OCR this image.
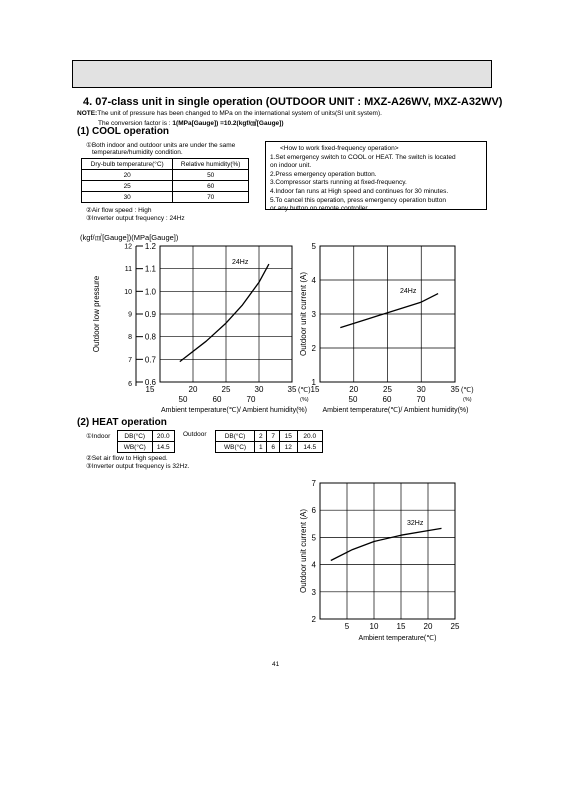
4. 07-class unit in single operation (OUTDOOR UNIT : MXZ-A26WV, MXZ-A32WV)
NOTE:The unit of pressure has been changed to MPa on the international system of units(SI unit system).
The conversion factor is : 1(MPa[Gauge]) =10.2(kgf/㎠[Gauge])
(1) COOL operation
①Both indoor and outdoor units are under the same
temperature/humidity condition.
Dry-bulb temperature(°C)	Relative humidity(%)
20	50
25	60
30	70
②Air flow speed : High
③Inverter output frequency : 24Hz
<How to work fixed-frequency operation>
1.Set emergency switch to COOL or HEAT. The switch is located
on indoor unit.
2.Press emergency operation button.
3.Compressor starts running at fixed-frequency.
4.Indoor fan runs at High speed and continues for 30 minutes.
5.To cancel this operation, press emergency operation button
or any button on remote controller.
(2) HEAT operation
①Indoor DB(°C)	20.0
WB(°C)	14.5
Outdoor	DB(°C)	2	7	15	20.0
WB(°C)	1	6	12	14.5
②Set air flow to High speed.
③Inverter output frequency is 32Hz.
41
0.6
0.7
0.8
0.9
1.0
1.1
1.2
6
7
8
9
10
11
12
(kgf/㎠[Gauge])(MPa[Gauge])
15	20	25	30	35
50	60	70
(℃)
(%)
Ambient temperature(℃)/ Ambient humidity(%)
Outdoor low pressure
24Hz
1
2
3
4
5
15	20	25	30	35
50	60	70
(℃)
(%)
Ambient temperature(℃)/ Ambient humidity(%)
Outdoor unit current (A)	24Hz
2
3
4
5
6
7
5	10 15 20 25
Ambient temperature(℃)
Outdoor unit current (A)	32Hz
